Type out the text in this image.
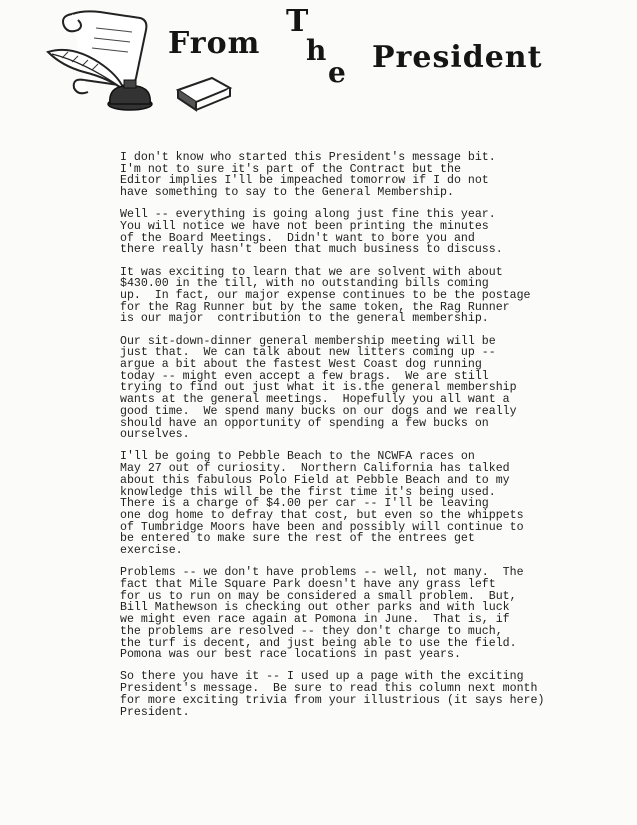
From
T
h
e President

I don't know who started this President's message bit.
I'm not to sure it's part of the Contract but the
Editor implies I'll be impeached tomorrow if I do not
have something to say to the General Membership.

Well -- everything is going along just fine this year.
You will notice we have not been printing the minutes
of the Board Meetings.  Didn't want to bore you and
there really hasn't been that much business to discuss.

It was exciting to learn that we are solvent with about
$430.00 in the till, with no outstanding bills coming
up.  In fact, our major expense continues to be the postage
for the Rag Runner but by the same token, the Rag Runner
is our major  contribution to the general membership.

Our sit-down-dinner general membership meeting will be
just that.  We can talk about new litters coming up --
argue a bit about the fastest West Coast dog running
today -- might even accept a few brags.  We are still
trying to find out just what it is.the general membership
wants at the general meetings.  Hopefully you all want a
good time.  We spend many bucks on our dogs and we really
should have an opportunity of spending a few bucks on
ourselves.

I'll be going to Pebble Beach to the NCWFA races on
May 27 out of curiosity.  Northern California has talked
about this fabulous Polo Field at Pebble Beach and to my
knowledge this will be the first time it's being used.
There is a charge of $4.00 per car -- I'll be leaving
one dog home to defray that cost, but even so the whippets
of Tumbridge Moors have been and possibly will continue to
be entered to make sure the rest of the entrees get
exercise.

Problems -- we don't have problems -- well, not many.  The
fact that Mile Square Park doesn't have any grass left
for us to run on may be considered a small problem.  But,
Bill Mathewson is checking out other parks and with luck
we might even race again at Pomona in June.  That is, if
the problems are resolved -- they don't charge to much,
the turf is decent, and just being able to use the field.
Pomona was our best race locations in past years.

So there you have it -- I used up a page with the exciting
President's message.  Be sure to read this column next month
for more exciting trivia from your illustrious (it says here)
President.
